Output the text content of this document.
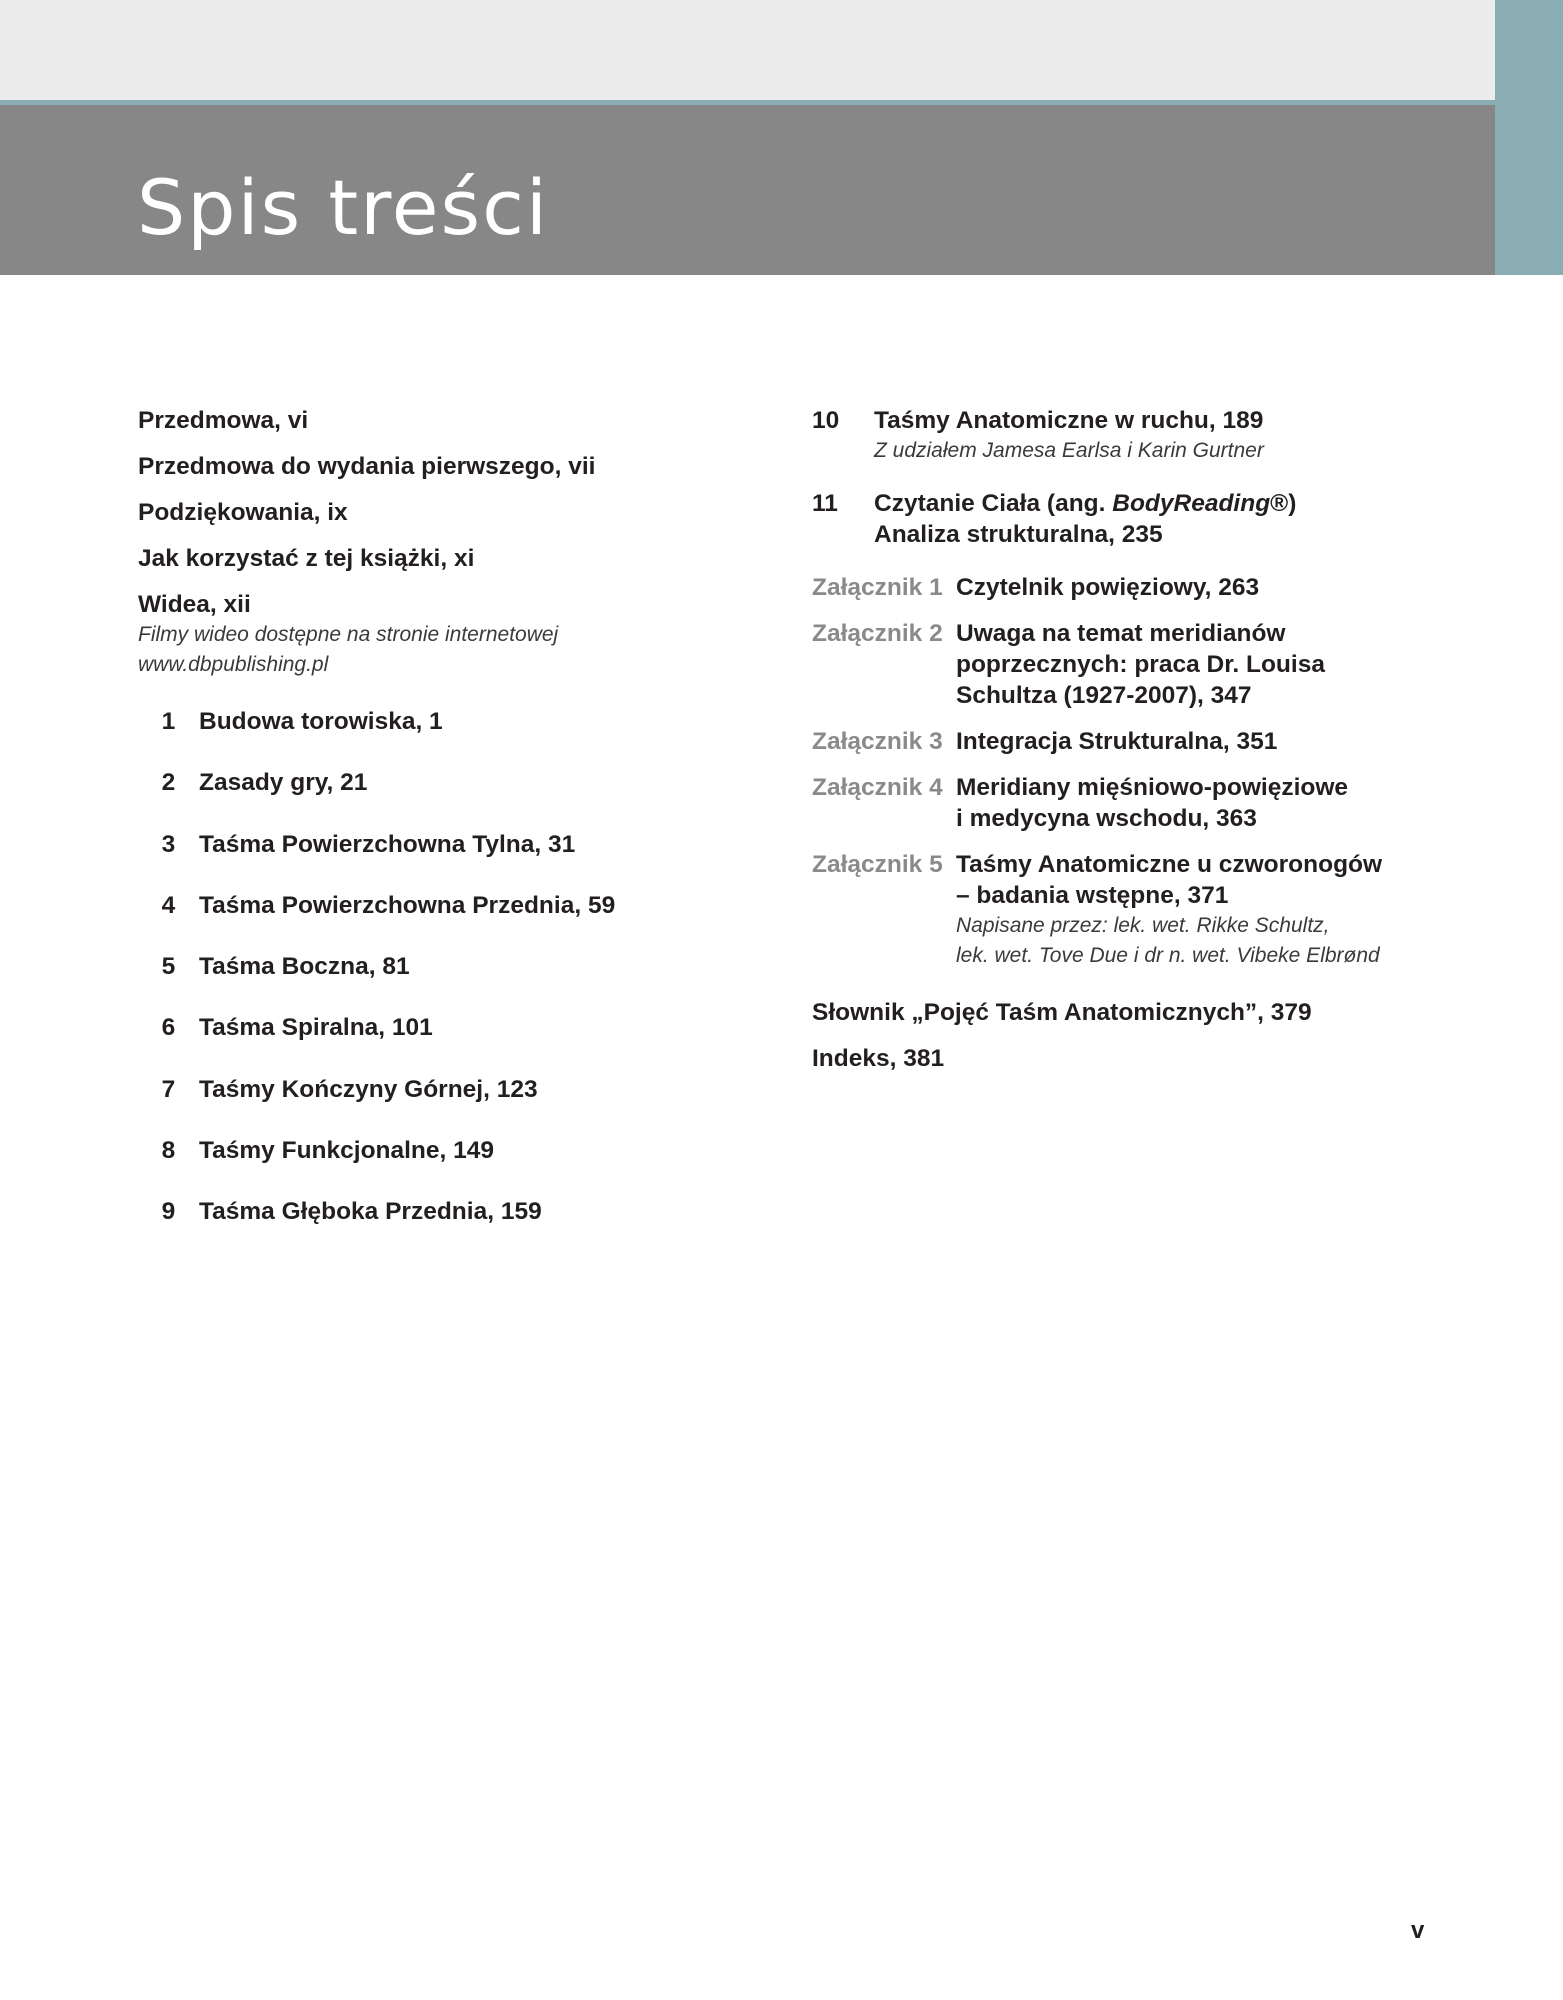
Spis treści
Przedmowa, vi
Przedmowa do wydania pierwszego, vii
Podziękowania, ix
Jak korzystać z tej książki, xi
Widea, xii
Filmy wideo dostępne na stronie internetowej
www.dbpublishing.pl
1 Budowa torowiska, 1
2 Zasady gry, 21
3 Taśma Powierzchowna Tylna, 31
4 Taśma Powierzchowna Przednia, 59
5 Taśma Boczna, 81
6 Taśma Spiralna, 101
7 Taśmy Kończyny Górnej, 123
8 Taśmy Funkcjonalne, 149
9 Taśma Głęboka Przednia, 159
10	Taśmy Anatomiczne w ruchu, 189
Z udziałem Jamesa Earlsa i Karin Gurtner
11	Czytanie Ciała (ang. BodyReading®)
Analiza strukturalna, 235
Załącznik 1 Czytelnik powięziowy, 263
Załącznik 2 Uwaga na temat meridianów
poprzecznych: praca Dr. Louisa
Schultza (1927-2007), 347
Załącznik 3 Integracja Strukturalna, 351
Załącznik 4 Meridiany mięśniowo-powięziowe
i medycyna wschodu, 363
Załącznik 5 Taśmy Anatomiczne u czworonogów
– badania wstępne, 371
Napisane przez: lek. wet. Rikke Schultz,
lek. wet. Tove Due i dr n. wet. Vibeke Elbrønd
Słownik „Pojęć Taśm Anatomicznych”, 379
Indeks, 381
v
